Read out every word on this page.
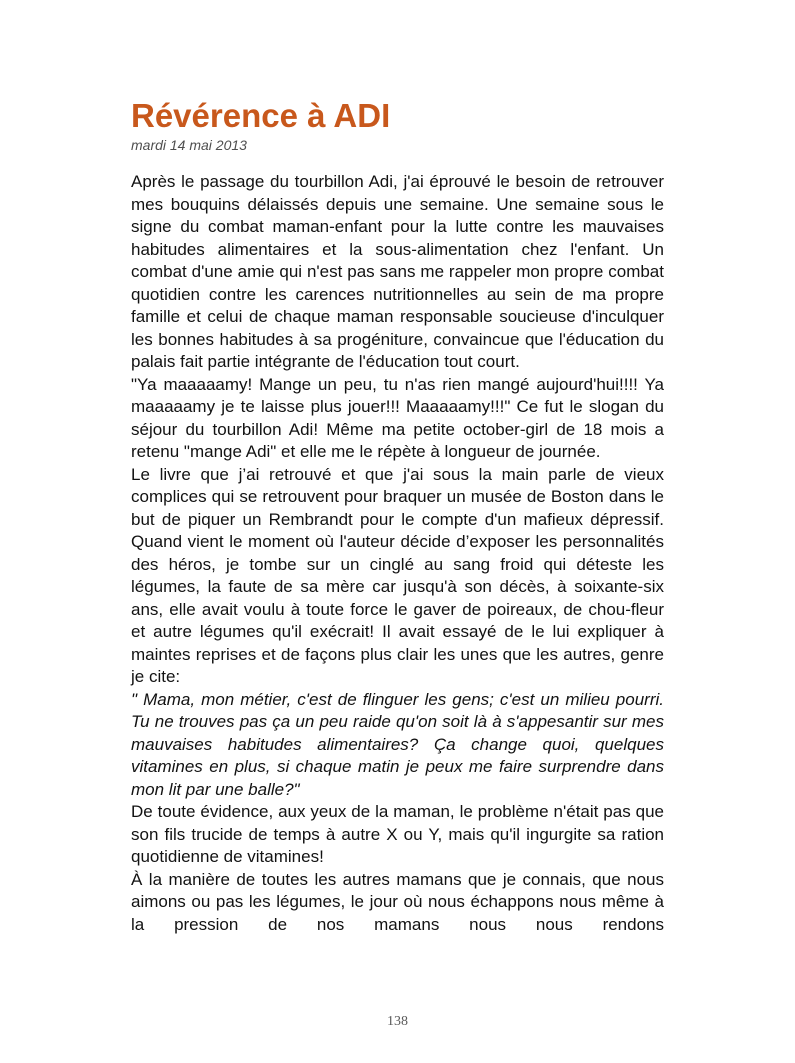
Révérence à ADI

mardi 14 mai 2013

Après le passage du tourbillon Adi, j'ai éprouvé le besoin de retrouver mes bouquins délaissés depuis une semaine. Une semaine sous le signe du combat maman-enfant pour la lutte contre les mauvaises habitudes alimentaires et la sous-alimentation chez l'enfant. Un combat d'une amie qui n'est pas sans me rappeler mon propre combat quotidien contre les carences nutritionnelles au sein de ma propre famille et celui de chaque maman responsable soucieuse d'inculquer les bonnes habitudes à sa progéniture, convaincue que l'éducation du palais fait partie intégrante de l'éducation tout court.

"Ya maaaaamy! Mange un peu, tu n'as rien mangé aujourd'hui!!!! Ya maaaaamy je te laisse plus jouer!!! Maaaaamy!!!" Ce fut le slogan du séjour du tourbillon Adi! Même ma petite october-girl de 18 mois a retenu "mange Adi" et elle me le répète à longueur de journée.

Le livre que j’ai retrouvé et que j'ai sous la main parle de vieux complices qui se retrouvent pour braquer un musée de Boston dans le but de piquer un Rembrandt pour le compte d'un mafieux dépressif. Quand vient le moment où l'auteur décide d’exposer les personnalités des héros, je tombe sur un cinglé au sang froid qui déteste les légumes, la faute de sa mère car jusqu'à son décès, à soixante-six ans, elle avait voulu à toute force le gaver de poireaux, de chou-fleur et autre légumes qu'il exécrait! Il avait essayé de le lui expliquer à maintes reprises et de façons plus clair les unes que les autres, genre je cite:

" Mama, mon métier, c'est de flinguer les gens; c'est un milieu pourri. Tu ne trouves pas ça un peu raide qu'on soit là à s'appesantir sur mes mauvaises habitudes alimentaires? Ça change quoi, quelques vitamines en plus, si chaque matin je peux me faire surprendre dans mon lit par une balle?"

De toute évidence, aux yeux de la maman, le problème n'était pas que son fils trucide de temps à autre X ou Y, mais qu'il ingurgite sa ration quotidienne de vitamines!

À la manière de toutes les autres mamans que je connais, que nous aimons ou pas les légumes, le jour où nous échappons nous même à la pression de nos mamans nous nous rendons

138
